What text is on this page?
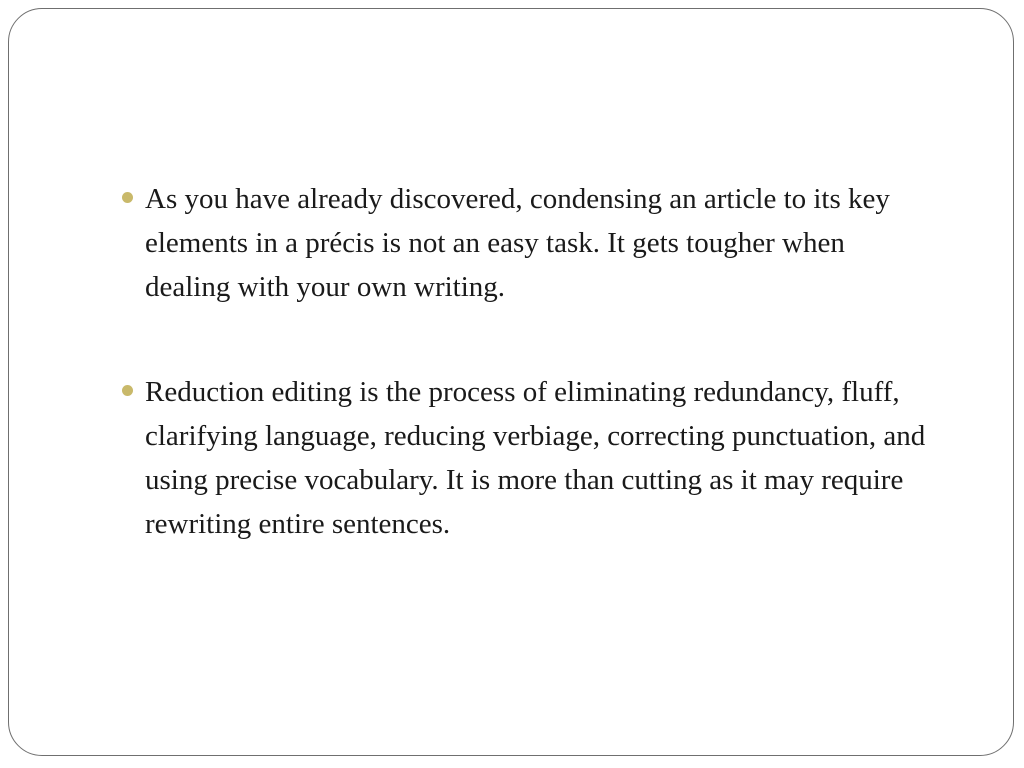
As you have already discovered, condensing an article to its key elements in a précis is not an easy task. It gets tougher when dealing with your own writing.
Reduction editing is the process of eliminating redundancy, fluff, clarifying language, reducing verbiage, correcting punctuation, and using precise vocabulary. It is more than cutting as it may require rewriting entire sentences.
